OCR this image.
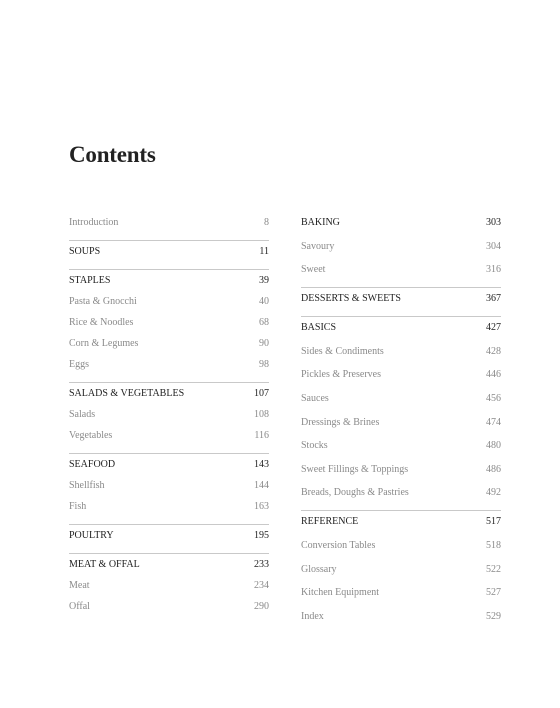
Contents
Introduction	8
SOUPS	11
STAPLES	39
Pasta & Gnocchi	40
Rice & Noodles	68
Corn & Legumes	90
Eggs	98
SALADS & VEGETABLES	107
Salads	108
Vegetables	116
SEAFOOD	143
Shellfish	144
Fish	163
POULTRY	195
MEAT & OFFAL	233
Meat	234
Offal	290
BAKING	303
Savoury	304
Sweet	316
DESSERTS & SWEETS	367
BASICS	427
Sides & Condiments	428
Pickles & Preserves	446
Sauces	456
Dressings & Brines	474
Stocks	480
Sweet Fillings & Toppings	486
Breads, Doughs & Pastries	492
REFERENCE	517
Conversion Tables	518
Glossary	522
Kitchen Equipment	527
Index	529
